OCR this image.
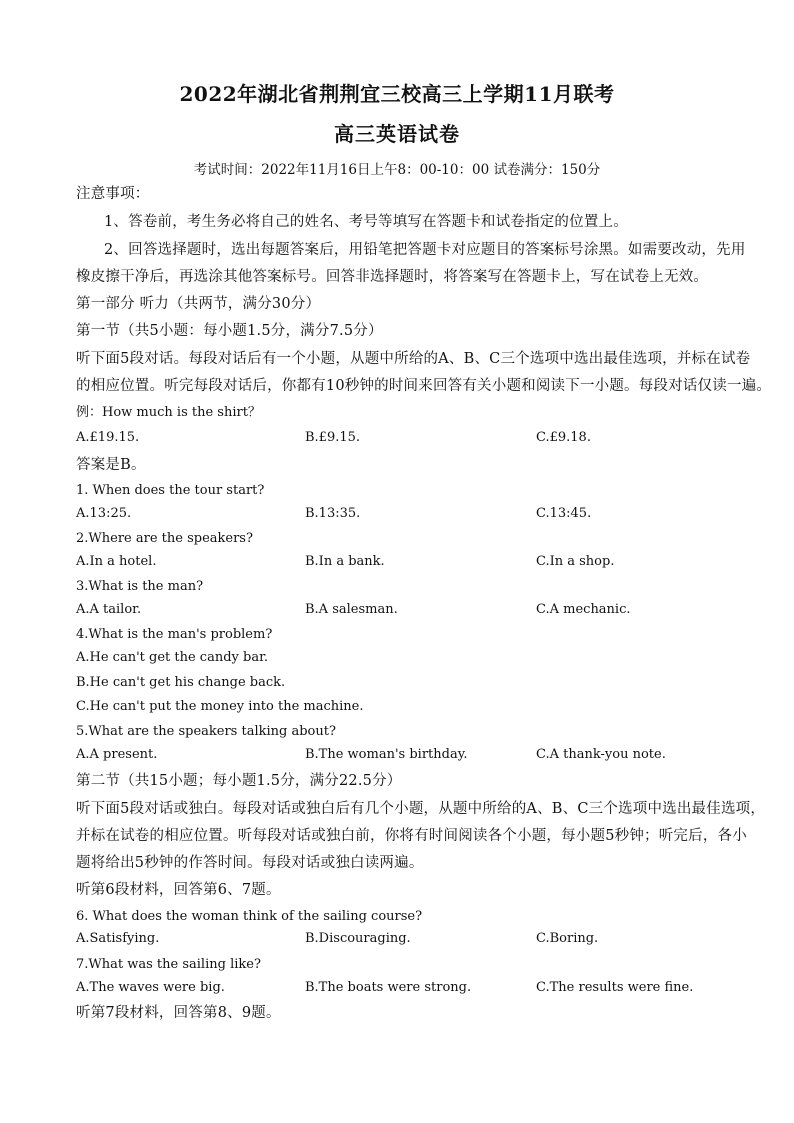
2022年湖北省荆荆宜三校高三上学期11月联考
高三英语试卷
考试时间：2022年11月16日上午8：00-10：00 试卷满分：150分
注意事项：
1、答卷前，考生务必将自己的姓名、考号等填写在答题卡和试卷指定的位置上。
2、回答选择题时，选出每题答案后，用铅笔把答题卡对应题目的答案标号涂黑。如需要改动，先用
橡皮擦干净后，再选涂其他答案标号。回答非选择题时，将答案写在答题卡上，写在试卷上无效。
第一部分 听力（共两节，满分30分）
第一节（共5小题：每小题1.5分，满分7.5分）
听下面5段对话。每段对话后有一个小题，从题中所给的A、B、C三个选项中选出最佳选项，并标在试卷
的相应位置。听完每段对话后，你都有10秒钟的时间来回答有关小题和阅读下一小题。每段对话仅读一遍。
例：How much is the shirt？
A.£19.15.	B.£9.15.	C.£9.18.
答案是B。
1. When does the tour start?
A.13:25.	B.13:35.	C.13:45.
2.Where are the speakers?
A.In a hotel.	B.In a bank.	C.In a shop.
3.What is the man?
A.A tailor.	B.A salesman.	C.A mechanic.
4.What is the man's problem?
A.He can't get the candy bar.
B.He can't get his change back.
C.He can't put the money into the machine.
5.What are the speakers talking about?
A.A present.	B.The woman's birthday.	C.A thank-you note.
第二节（共15小题；每小题1.5分，满分22.5分）
听下面5段对话或独白。每段对话或独白后有几个小题，从题中所给的A、B、C三个选项中选出最佳选项，
并标在试卷的相应位置。听每段对话或独白前，你将有时间阅读各个小题，每小题5秒钟；听完后，各小
题将给出5秒钟的作答时间。每段对话或独白读两遍。
听第6段材料，回答第6、7题。
6. What does the woman think of the sailing course?
A.Satisfying.	B.Discouraging.	C.Boring.
7.What was the sailing like?
A.The waves were big.	B.The boats were strong.	C.The results were fine.
听第7段材料，回答第8、9题。
